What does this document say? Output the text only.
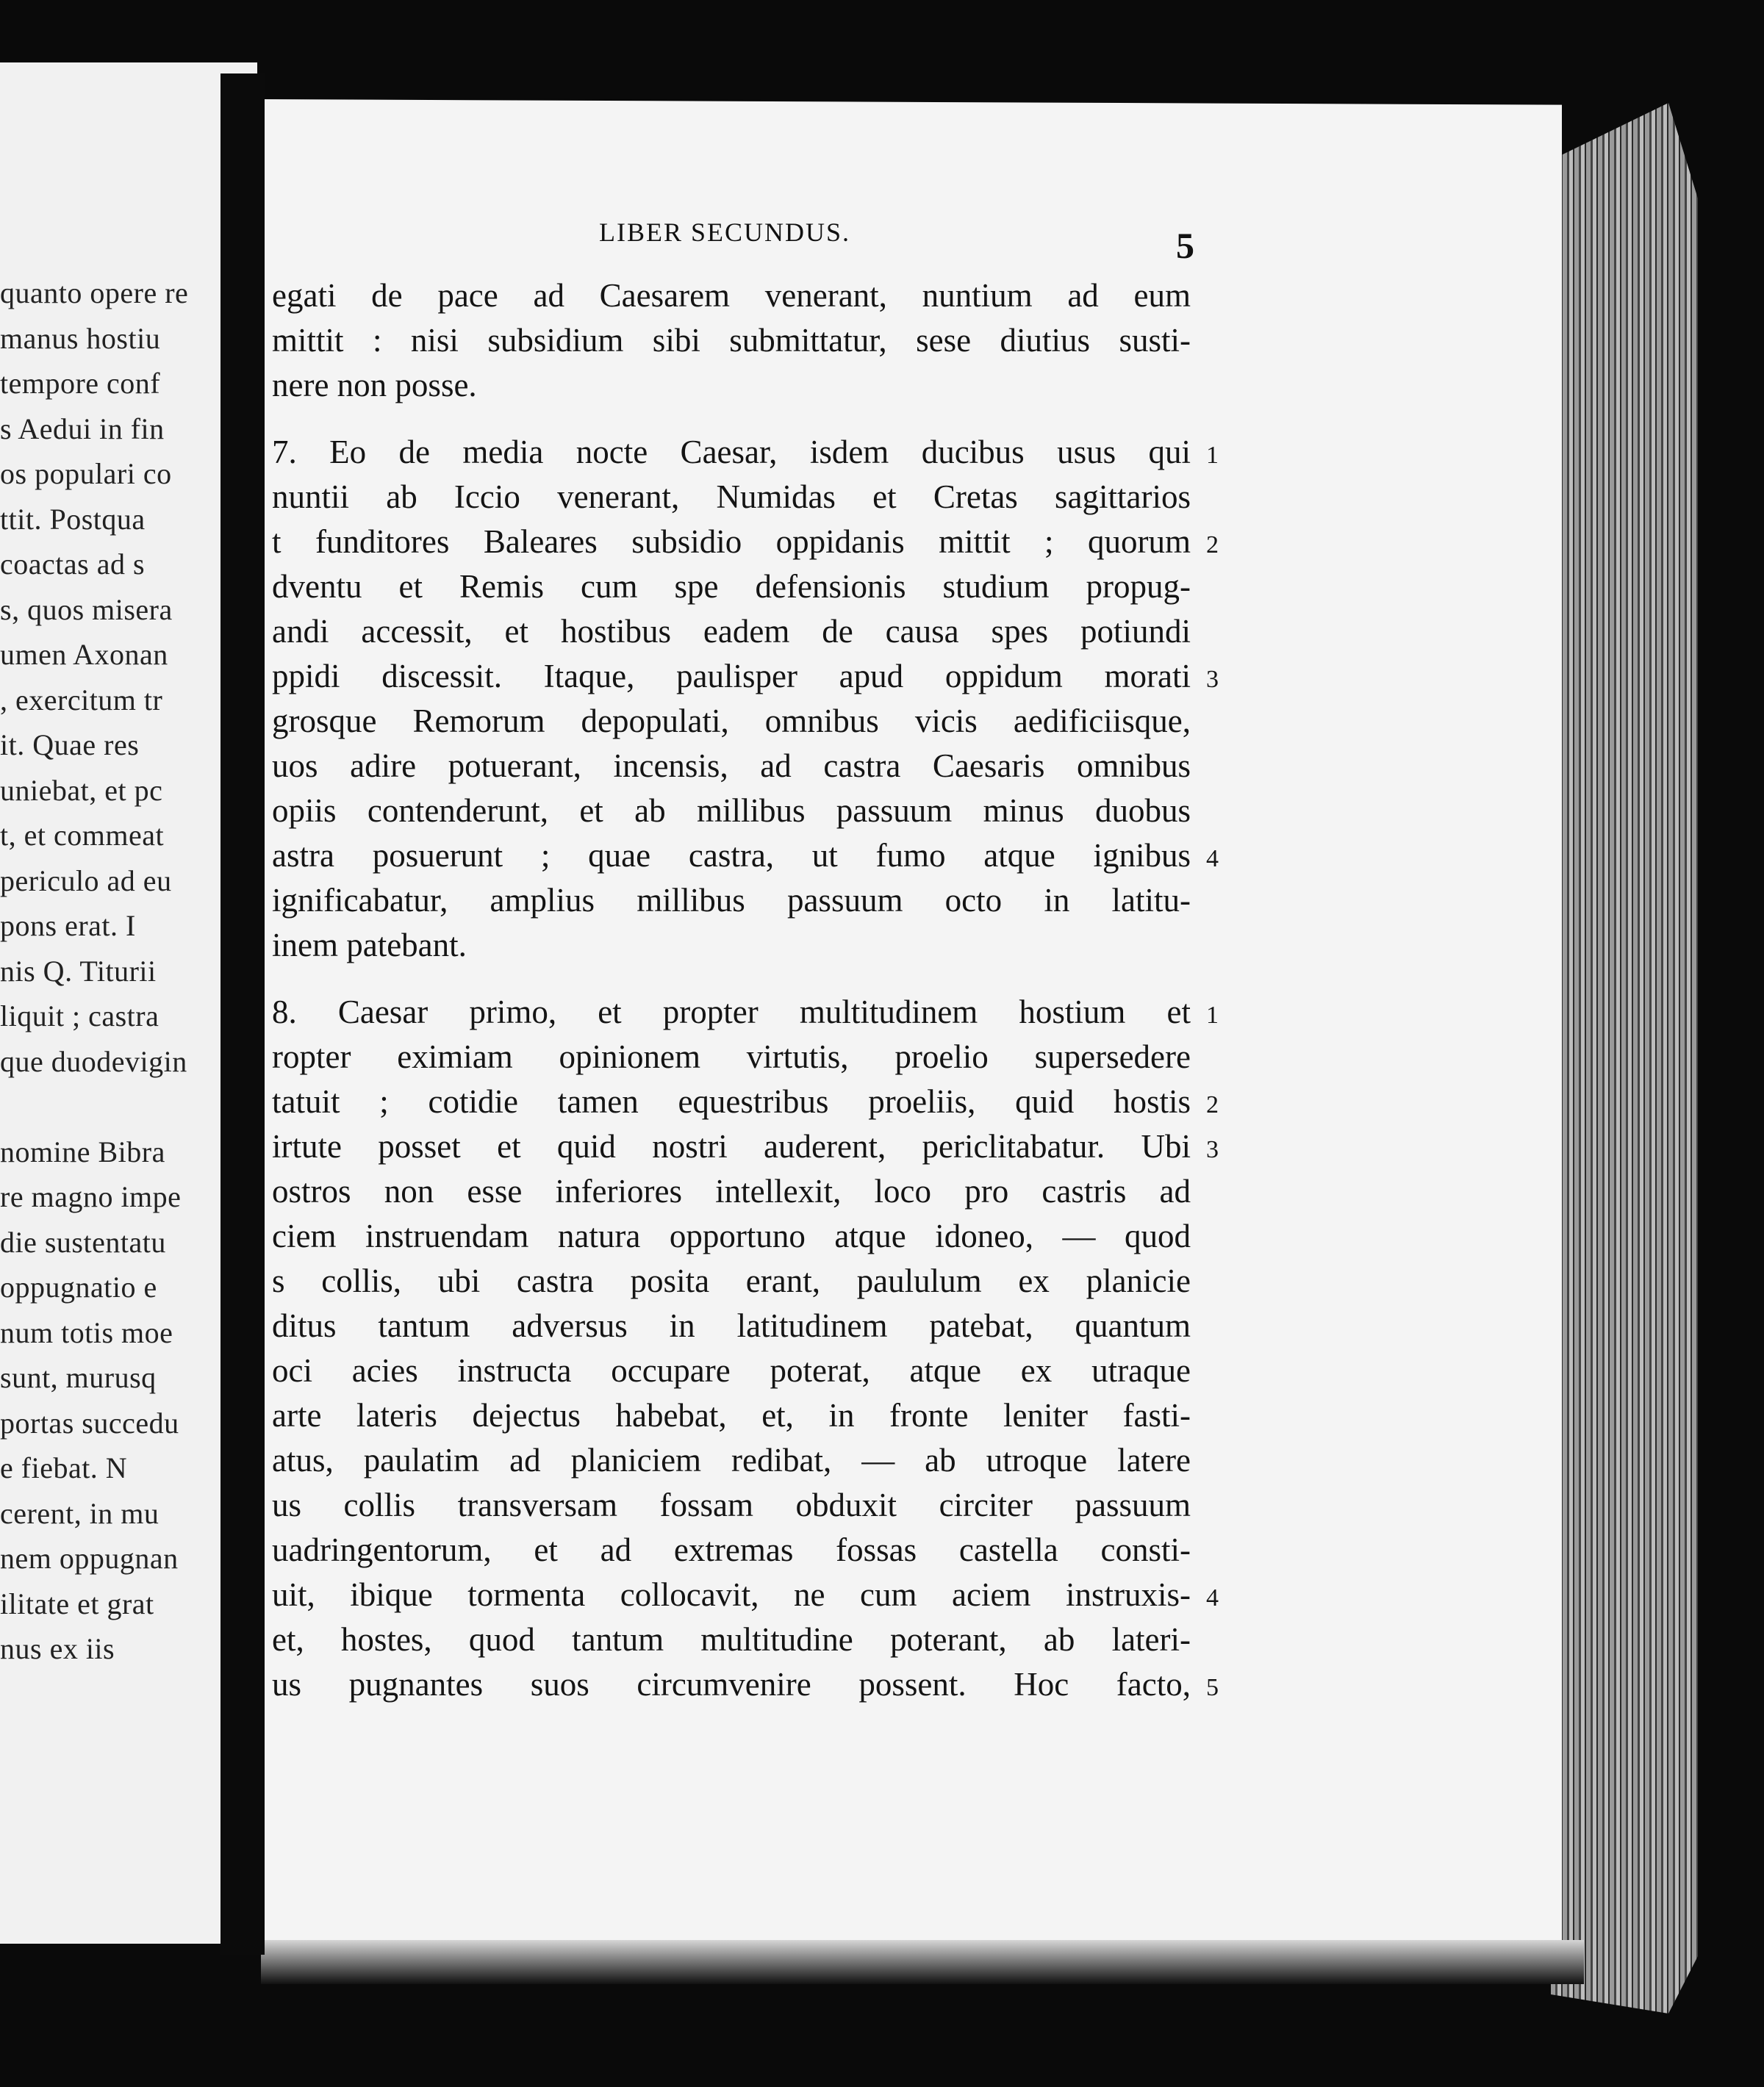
quanto opere re
manus hostiu
tempore conf
s Aedui in fin
os populari co
ttit. Postqua
coactas ad s
s, quos misera
umen Axonan
, exercitum tr
it. Quae res
uniebat, et pc
t, et commeat
periculo ad eu
pons erat. I
nis Q. Titurii
liquit ; castra
que duodevigin
nomine Bibra
re magno impe
die sustentatu
oppugnatio e
num totis moe
sunt, murusq
portas succedu
e fiebat. N
cerent, in mu
nem oppugnan
ilitate et grat
nus ex iis
LIBER SECUNDUS.	5
egati de pace ad Caesarem venerant, nuntium ad eum
mittit : nisi subsidium sibi submittatur, sese diutius susti-
nere non posse.
7. Eo de media nocte Caesar, isdem ducibus usus qui 1
nuntii ab Iccio venerant, Numidas et Cretas sagittarios
t funditores Baleares subsidio oppidanis mittit ; quorum 2
dventu et Remis cum spe defensionis studium propug-
andi accessit, et hostibus eadem de causa spes potiundi
ppidi discessit. Itaque, paulisper apud oppidum morati 3
grosque Remorum depopulati, omnibus vicis aedificiisque,
uos adire potuerant, incensis, ad castra Caesaris omnibus
opiis contenderunt, et ab millibus passuum minus duobus
astra posuerunt ; quae castra, ut fumo atque ignibus 4
ignificabatur, amplius millibus passuum octo in latitu-
inem patebant.
8. Caesar primo, et propter multitudinem hostium et 1
ropter eximiam opinionem virtutis, proelio supersedere
tatuit ; cotidie tamen equestribus proeliis, quid hostis 2
irtute posset et quid nostri auderent, periclitabatur. Ubi 3
ostros non esse inferiores intellexit, loco pro castris ad
ciem instruendam natura opportuno atque idoneo, — quod
s collis, ubi castra posita erant, paululum ex planicie
ditus tantum adversus in latitudinem patebat, quantum
oci acies instructa occupare poterat, atque ex utraque
arte lateris dejectus habebat, et, in fronte leniter fasti-
atus, paulatim ad planiciem redibat, — ab utroque latere
us collis transversam fossam obduxit circiter passuum
uadringentorum, et ad extremas fossas castella consti-
uit, ibique tormenta collocavit, ne cum aciem instruxis- 4
et, hostes, quod tantum multitudine poterant, ab lateri-
us pugnantes suos circumvenire possent. Hoc facto, 5
